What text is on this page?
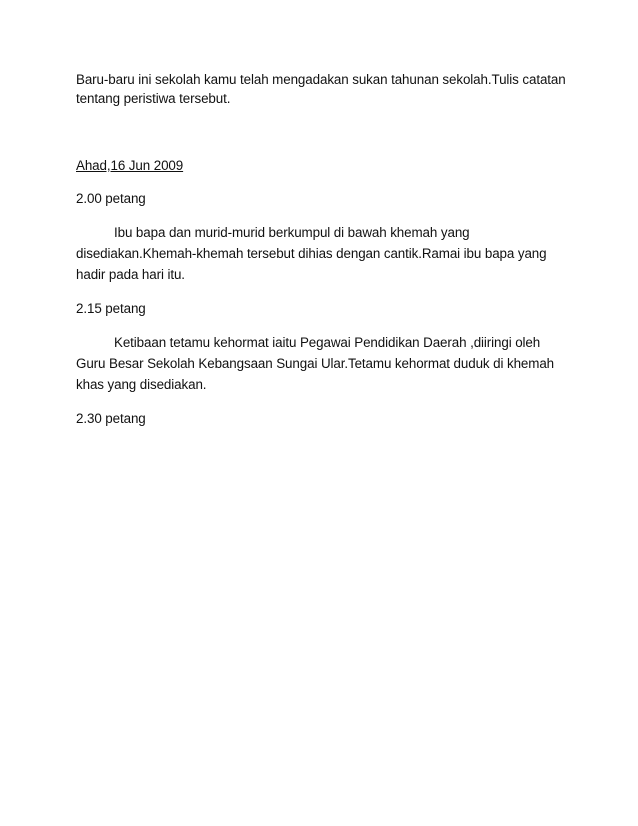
Baru-baru ini sekolah kamu telah mengadakan sukan tahunan sekolah.Tulis catatan tentang peristiwa tersebut.

Ahad,16 Jun 2009

2.00 petang

Ibu bapa dan murid-murid berkumpul di bawah khemah yang disediakan.Khemah-khemah tersebut dihias dengan cantik.Ramai ibu bapa yang hadir pada hari itu.

2.15 petang

Ketibaan tetamu kehormat iaitu Pegawai Pendidikan Daerah ,diiringi oleh Guru Besar Sekolah Kebangsaan Sungai Ular.Tetamu kehormat duduk di khemah khas yang disediakan.

2.30 petang
